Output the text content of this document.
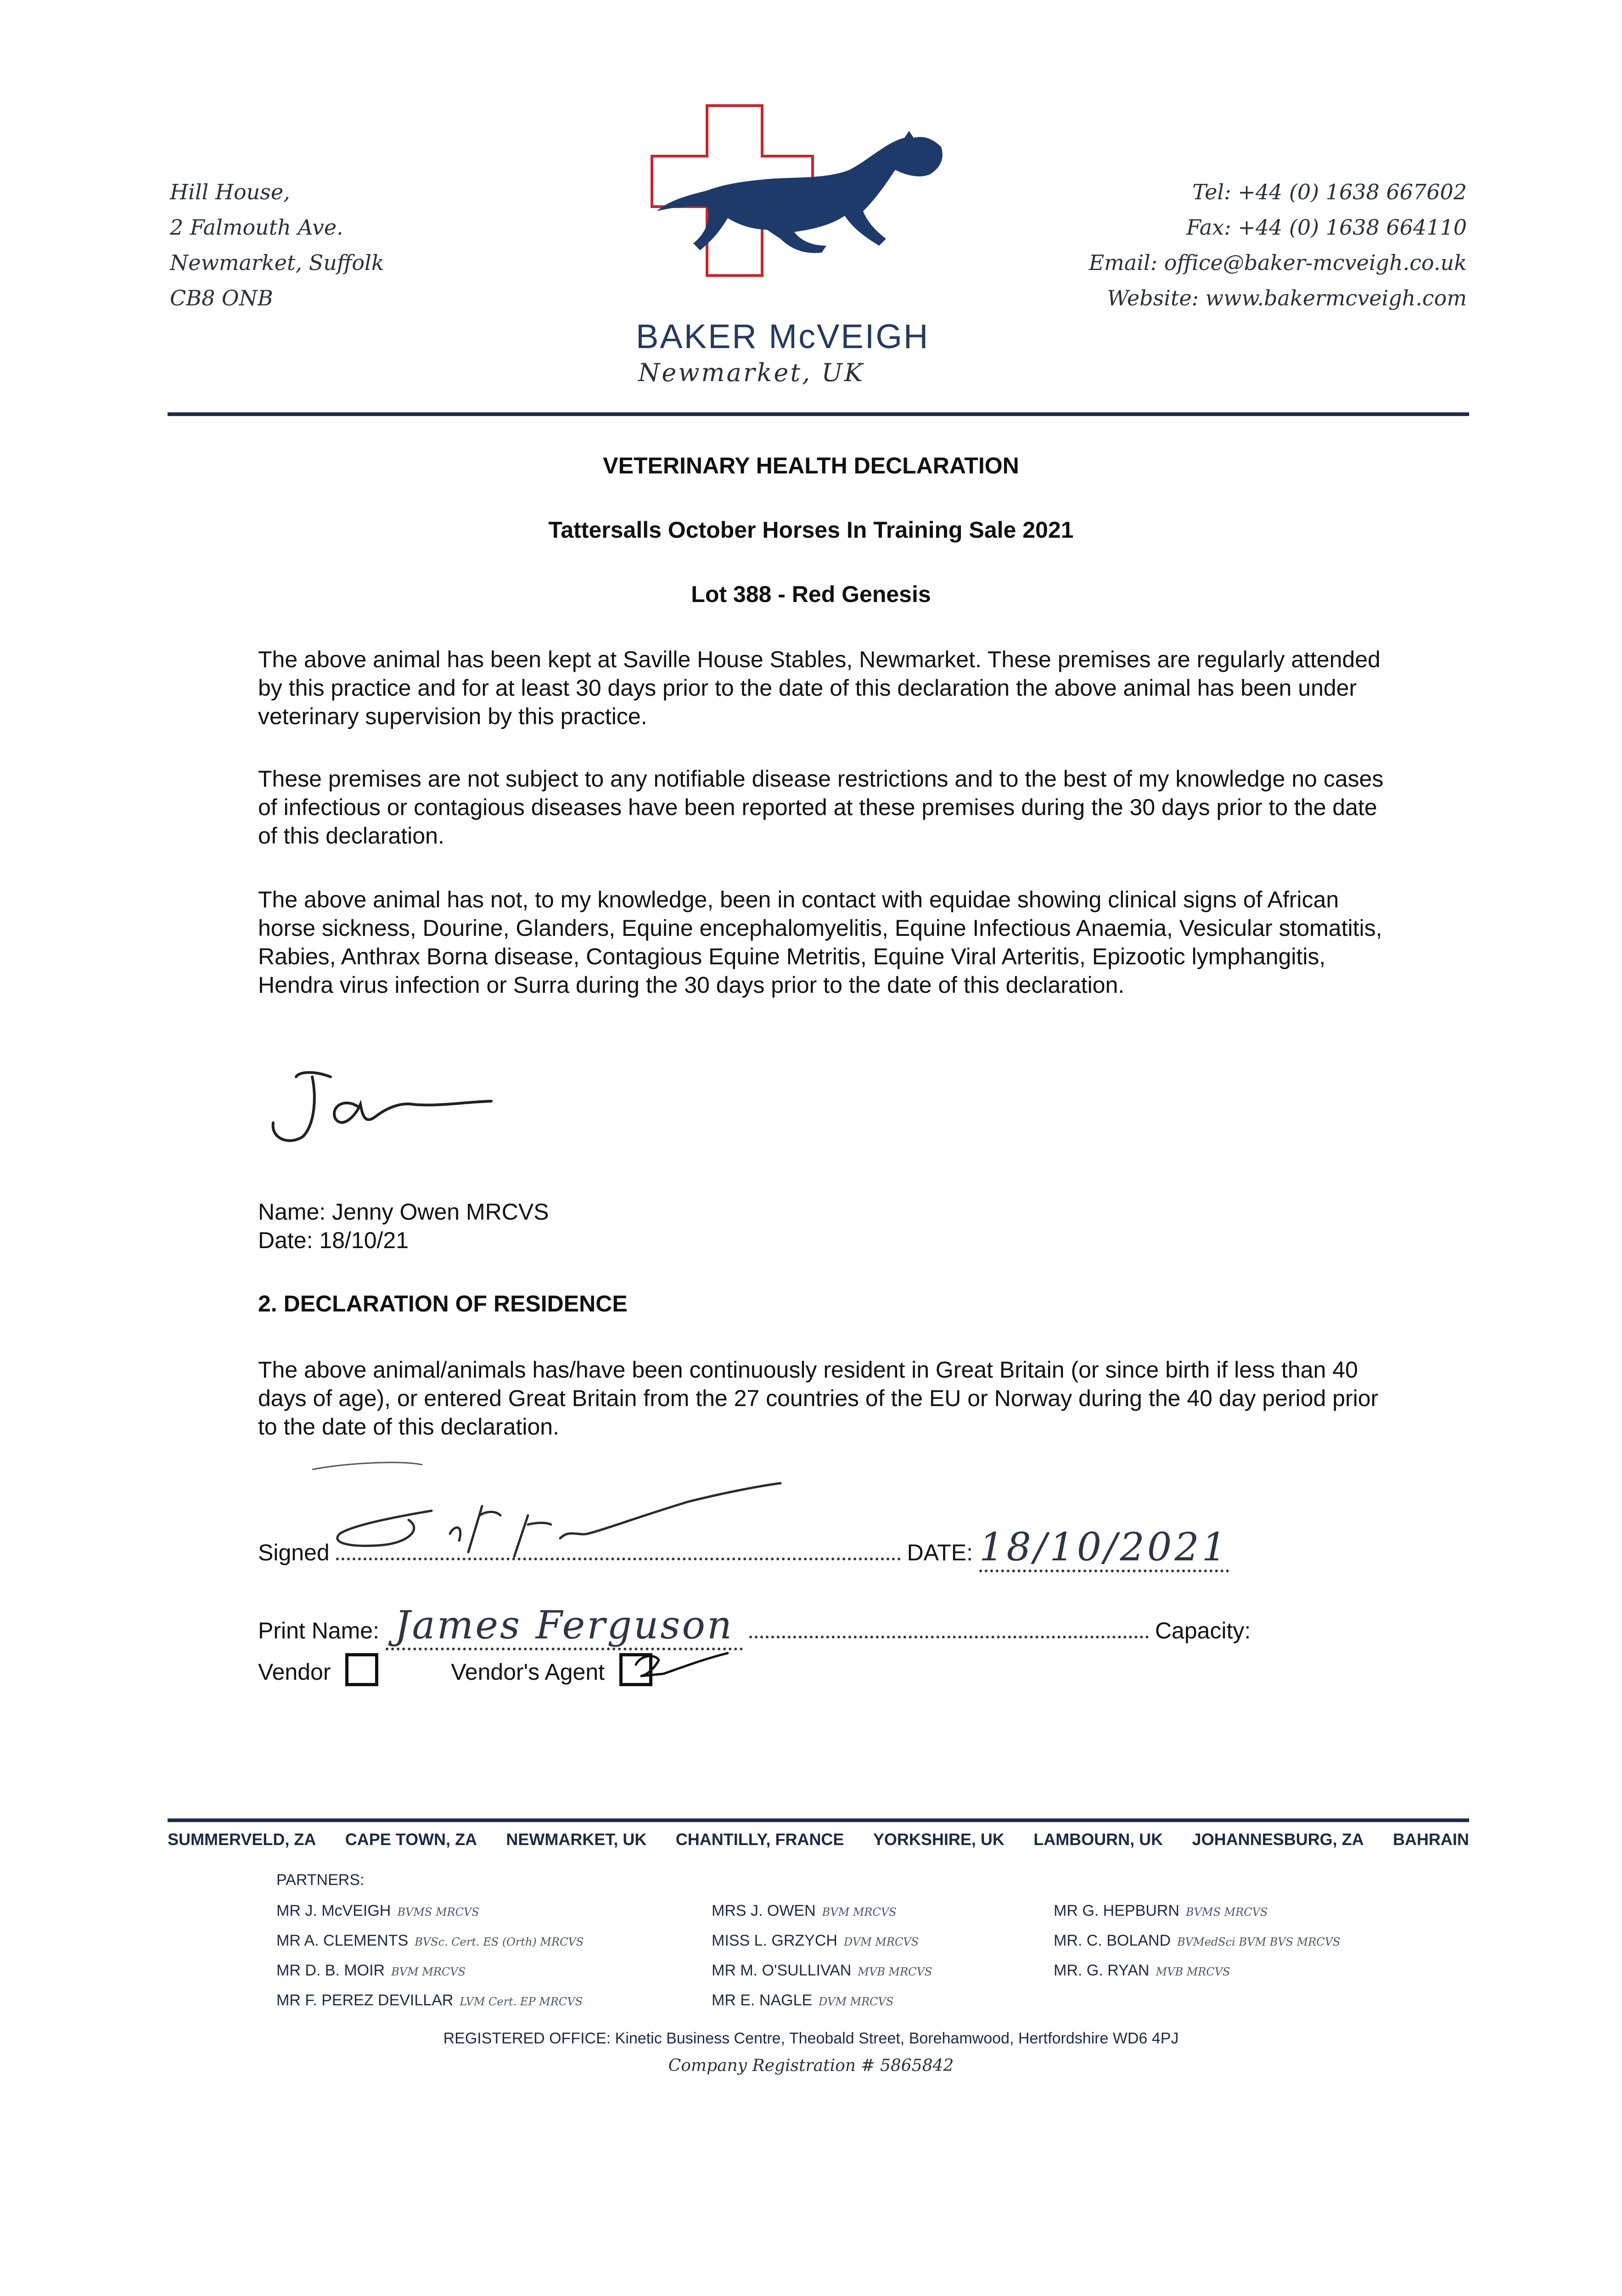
Hill House,
2 Falmouth Ave.
Newmarket, Suffolk
CB8 ONB
BAKER McVEIGH
Newmarket, UK
Tel: +44 (0) 1638 667602
Fax: +44 (0) 1638 664110
Email: office@baker-mcveigh.co.uk
Website: www.bakermcveigh.com
VETERINARY HEALTH DECLARATION
Tattersalls October Horses In Training Sale 2021
Lot 388 - Red Genesis

The above animal has been kept at Saville House Stables, Newmarket. These premises are regularly attended by this practice and for at least 30 days prior to the date of this declaration the above animal has been under veterinary supervision by this practice.

These premises are not subject to any notifiable disease restrictions and to the best of my knowledge no cases of infectious or contagious diseases have been reported at these premises during the 30 days prior to the date of this declaration.

The above animal has not, to my knowledge, been in contact with equidae showing clinical signs of African horse sickness, Dourine, Glanders, Equine encephalomyelitis, Equine Infectious Anaemia, Vesicular stomatitis, Rabies, Anthrax Borna disease, Contagious Equine Metritis, Equine Viral Arteritis, Epizootic lymphangitis, Hendra virus infection or Surra during the 30 days prior to the date of this declaration.

Name: Jenny Owen MRCVS
Date: 18/10/21
2. DECLARATION OF RESIDENCE

The above animal/animals has/have been continuously resident in Great Britain (or since birth if less than 40 days of age), or entered Great Britain from the 27 countries of the EU or Norway during the 40 day period prior to the date of this declaration.

Signed	DATE: 18/10/2021
Print Name: James Ferguson	Capacity:
Vendor	Vendor's Agent
SUMMERVELD, ZA CAPE TOWN, ZA NEWMARKET, UK CHANTILLY, FRANCE YORKSHIRE, UK LAMBOURN, UK JOHANNESBURG, ZA BAHRAIN
PARTNERS:
MR J. McVEIGH BVMS MRCVS
MR A. CLEMENTS BVSc. Cert. ES (Orth) MRCVS
MR D. B. MOIR BVM MRCVS
MR F. PEREZ DEVILLAR LVM Cert. EP MRCVS
MRS J. OWEN BVM MRCVS
MISS L. GRZYCH DVM MRCVS
MR M. O'SULLIVAN MVB MRCVS
MR E. NAGLE DVM MRCVS
MR G. HEPBURN BVMS MRCVS
MR. C. BOLAND BVMedSci BVM BVS MRCVS
MR. G. RYAN MVB MRCVS
REGISTERED OFFICE: Kinetic Business Centre, Theobald Street, Borehamwood, Hertfordshire WD6 4PJ
Company Registration # 5865842
